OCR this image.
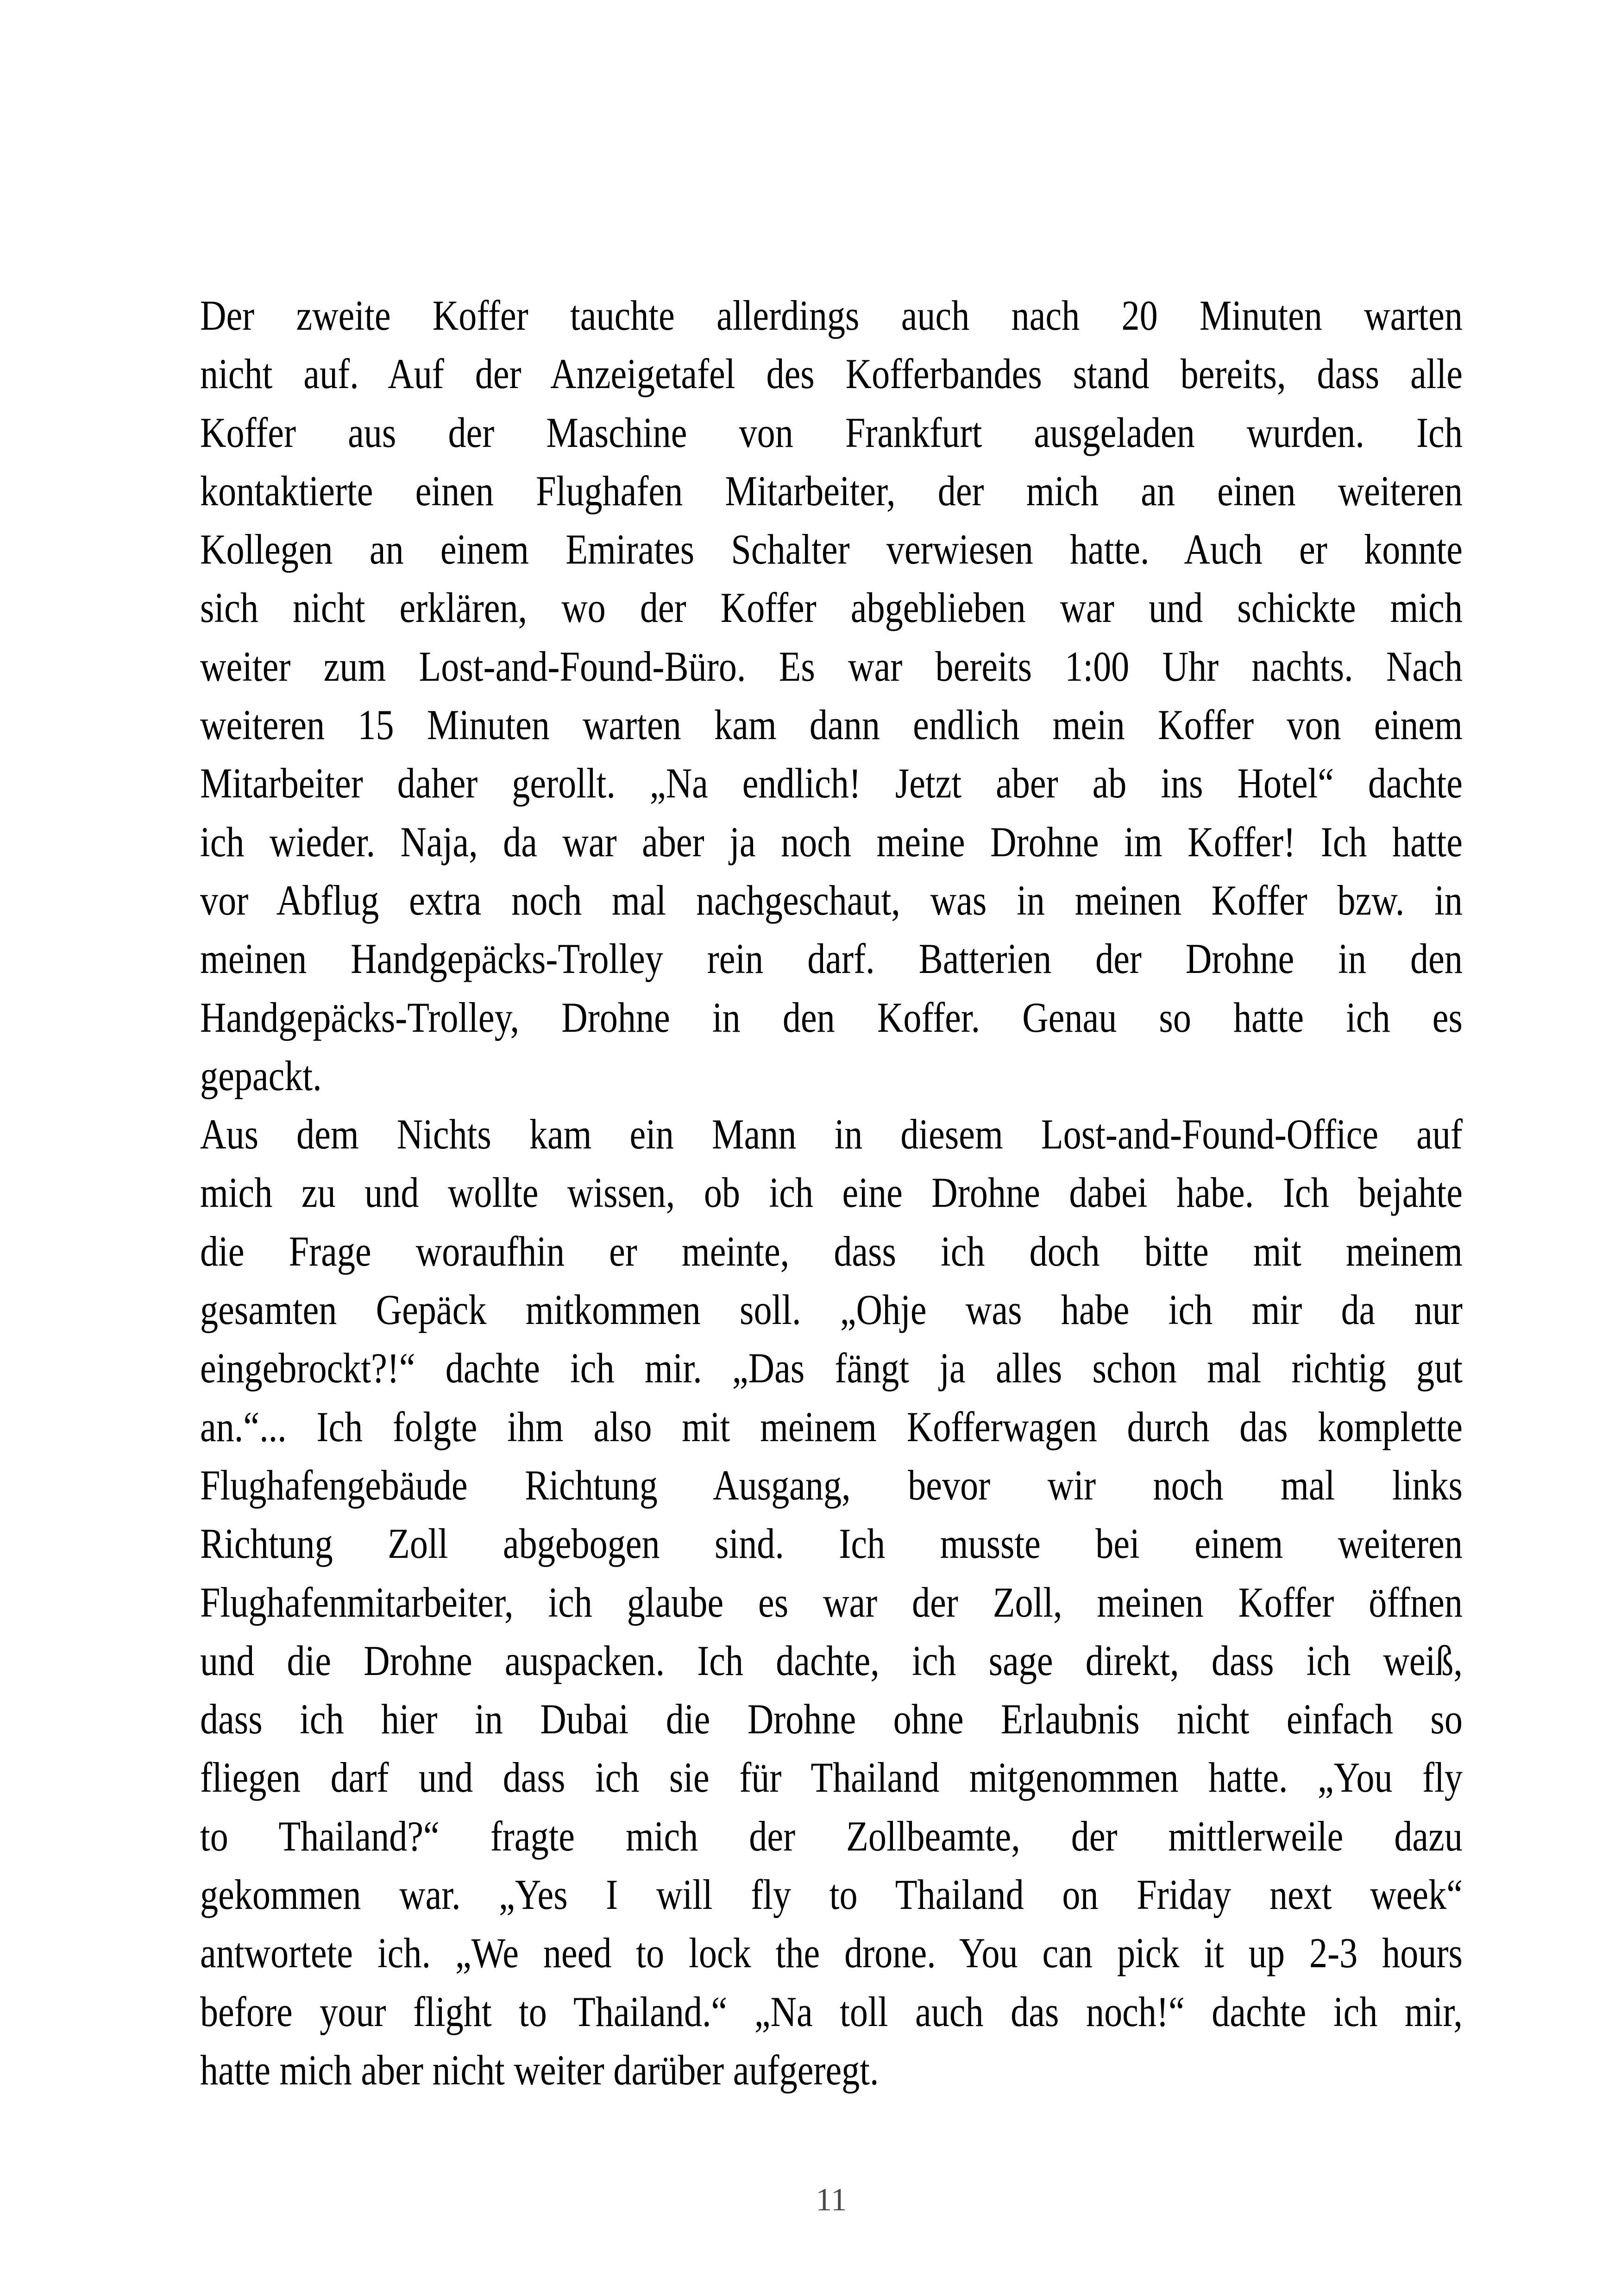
Der zweite Koffer tauchte allerdings auch nach 20 Minuten warten
nicht auf. Auf der Anzeigetafel des Kofferbandes stand bereits, dass alle
Koffer aus der Maschine von Frankfurt ausgeladen wurden. Ich
kontaktierte einen Flughafen Mitarbeiter, der mich an einen weiteren
Kollegen an einem Emirates Schalter verwiesen hatte. Auch er konnte
sich nicht erklären, wo der Koffer abgeblieben war und schickte mich
weiter zum Lost-and-Found-Büro. Es war bereits 1:00 Uhr nachts. Nach
weiteren 15 Minuten warten kam dann endlich mein Koffer von einem
Mitarbeiter daher gerollt. „Na endlich! Jetzt aber ab ins Hotel“ dachte
ich wieder. Naja, da war aber ja noch meine Drohne im Koffer! Ich hatte
vor Abflug extra noch mal nachgeschaut, was in meinen Koffer bzw. in
meinen Handgepäcks-Trolley rein darf. Batterien der Drohne in den
Handgepäcks-Trolley, Drohne in den Koffer. Genau so hatte ich es
gepackt.
Aus dem Nichts kam ein Mann in diesem Lost-and-Found-Office auf
mich zu und wollte wissen, ob ich eine Drohne dabei habe. Ich bejahte
die Frage woraufhin er meinte, dass ich doch bitte mit meinem
gesamten Gepäck mitkommen soll. „Ohje was habe ich mir da nur
eingebrockt?!“ dachte ich mir. „Das fängt ja alles schon mal richtig gut
an.“... Ich folgte ihm also mit meinem Kofferwagen durch das komplette
Flughafengebäude Richtung Ausgang, bevor wir noch mal links
Richtung Zoll abgebogen sind. Ich musste bei einem weiteren
Flughafenmitarbeiter, ich glaube es war der Zoll, meinen Koffer öffnen
und die Drohne auspacken. Ich dachte, ich sage direkt, dass ich weiß,
dass ich hier in Dubai die Drohne ohne Erlaubnis nicht einfach so
fliegen darf und dass ich sie für Thailand mitgenommen hatte. „You fly
to Thailand?“ fragte mich der Zollbeamte, der mittlerweile dazu
gekommen war. „Yes I will fly to Thailand on Friday next week“
antwortete ich. „We need to lock the drone. You can pick it up 2-3 hours
before your flight to Thailand.“ „Na toll auch das noch!“ dachte ich mir,
hatte mich aber nicht weiter darüber aufgeregt.
11
